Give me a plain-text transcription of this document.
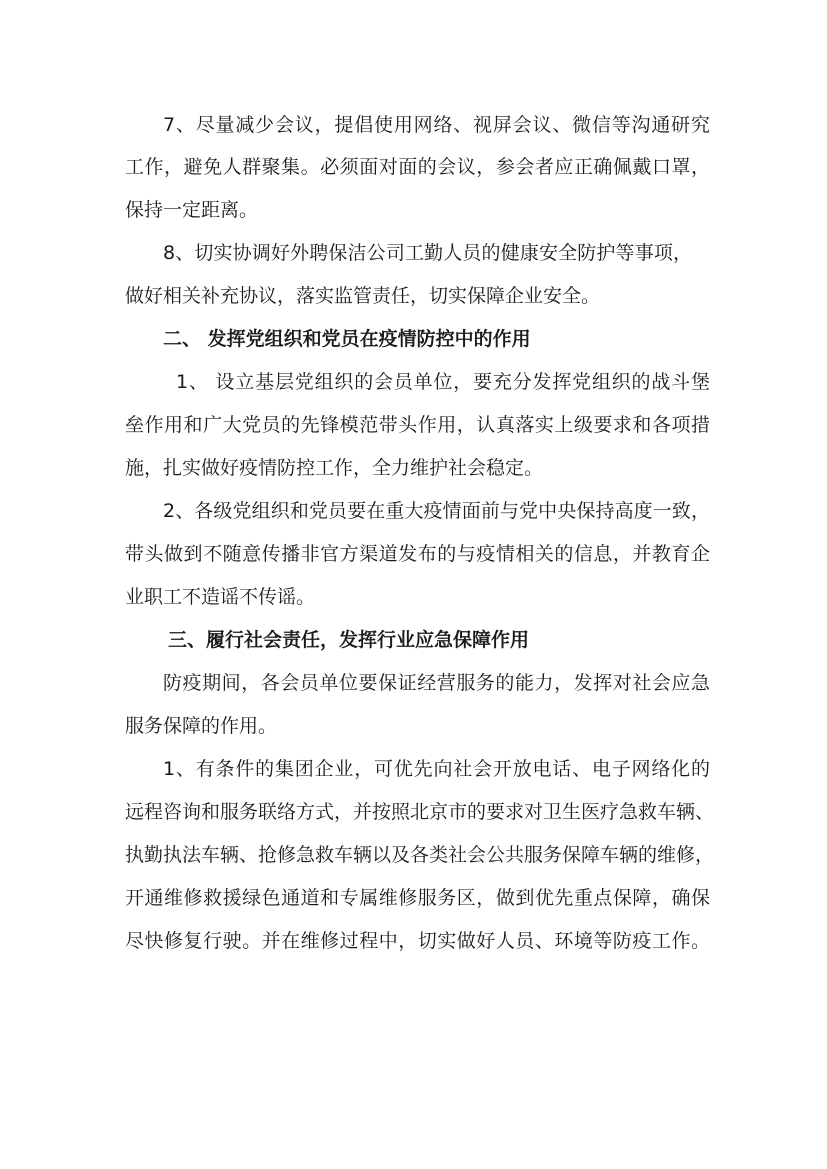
7、尽量减少会议，提倡使用网络、视屏会议、微信等沟通研究
工作，避免人群聚集。必须面对面的会议，参会者应正确佩戴口罩，
保持一定距离。
8、切实协调好外聘保洁公司工勤人员的健康安全防护等事项，
做好相关补充协议，落实监管责任，切实保障企业安全。
二、 发挥党组织和党员在疫情防控中的作用
1、 设立基层党组织的会员单位，要充分发挥党组织的战斗堡
垒作用和广大党员的先锋模范带头作用，认真落实上级要求和各项措
施，扎实做好疫情防控工作，全力维护社会稳定。
2、各级党组织和党员要在重大疫情面前与党中央保持高度一致，
带头做到不随意传播非官方渠道发布的与疫情相关的信息，并教育企
业职工不造谣不传谣。
三、履行社会责任，发挥行业应急保障作用
防疫期间，各会员单位要保证经营服务的能力，发挥对社会应急
服务保障的作用。
1、有条件的集团企业，可优先向社会开放电话、电子网络化的
远程咨询和服务联络方式，并按照北京市的要求对卫生医疗急救车辆、
执勤执法车辆、抢修急救车辆以及各类社会公共服务保障车辆的维修，
开通维修救援绿色通道和专属维修服务区，做到优先重点保障，确保
尽快修复行驶。并在维修过程中，切实做好人员、环境等防疫工作。
